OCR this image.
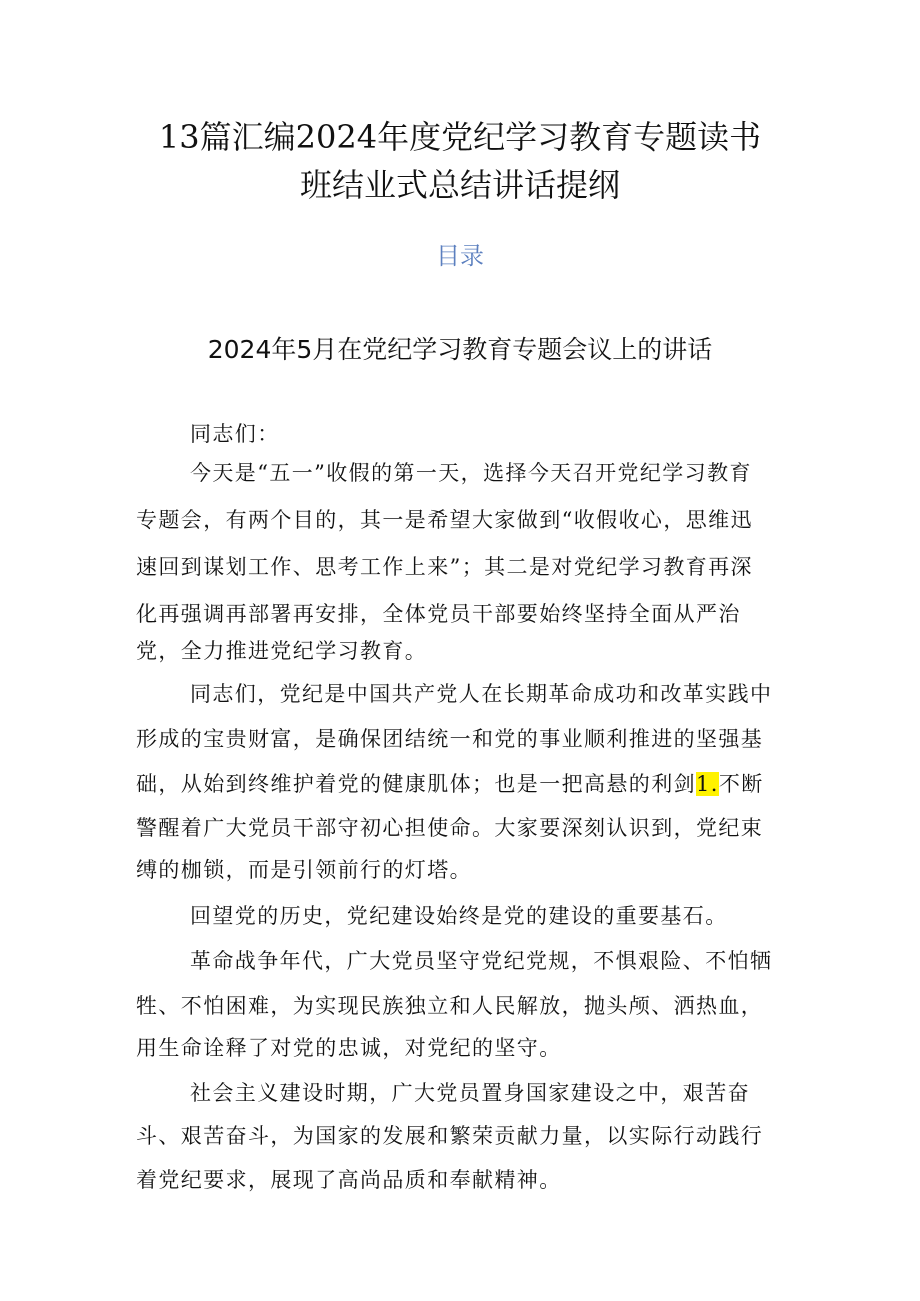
13篇汇编2024年度党纪学习教育专题读书
班结业式总结讲话提纲
目录
2024年5月在党纪学习教育专题会议上的讲话
同志们：
今天是“五一”收假的第一天，选择今天召开党纪学习教育
专题会，有两个目的，其一是希望大家做到“收假收心，思维迅
速回到谋划工作、思考工作上来”；其二是对党纪学习教育再深
化再强调再部署再安排，全体党员干部要始终坚持全面从严治
党，全力推进党纪学习教育。
同志们，党纪是中国共产党人在长期革命成功和改革实践中
形成的宝贵财富，是确保团结统一和党的事业顺利推进的坚强基
础，从始到终维护着党的健康肌体；也是一把高悬的利剑1.不断
警醒着广大党员干部守初心担使命。大家要深刻认识到，党纪束
缚的枷锁，而是引领前行的灯塔。
回望党的历史，党纪建设始终是党的建设的重要基石。
革命战争年代，广大党员坚守党纪党规，不惧艰险、不怕牺
牲、不怕困难，为实现民族独立和人民解放，抛头颅、洒热血，
用生命诠释了对党的忠诚，对党纪的坚守。
社会主义建设时期，广大党员置身国家建设之中，艰苦奋
斗、艰苦奋斗，为国家的发展和繁荣贡献力量，以实际行动践行
着党纪要求，展现了高尚品质和奉献精神。
